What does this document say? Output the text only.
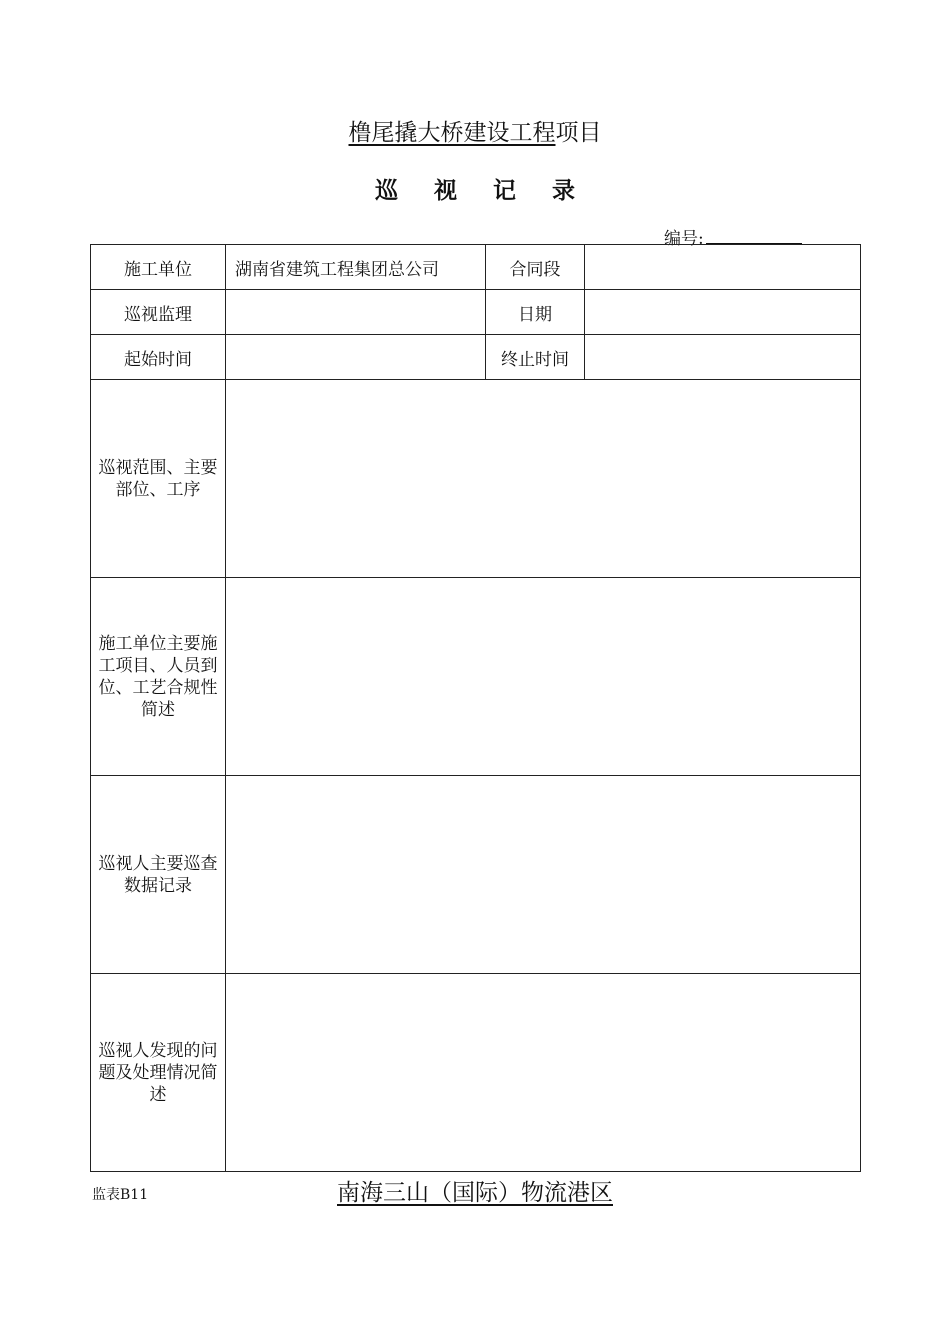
橹尾撬大桥建设工程项目
巡 视 记 录
编号:
施工单位	湖南省建筑工程集团总公司	合同段	
巡视监理		日期	
起始时间		终止时间	
巡视范围、主要部位、工序			
施工单位主要施工项目、人员到位、工艺合规性简述			
巡视人主要巡查数据记录			
巡视人发现的问题及处理情况简述			
监表B11	南海三山（国际）物流港区
